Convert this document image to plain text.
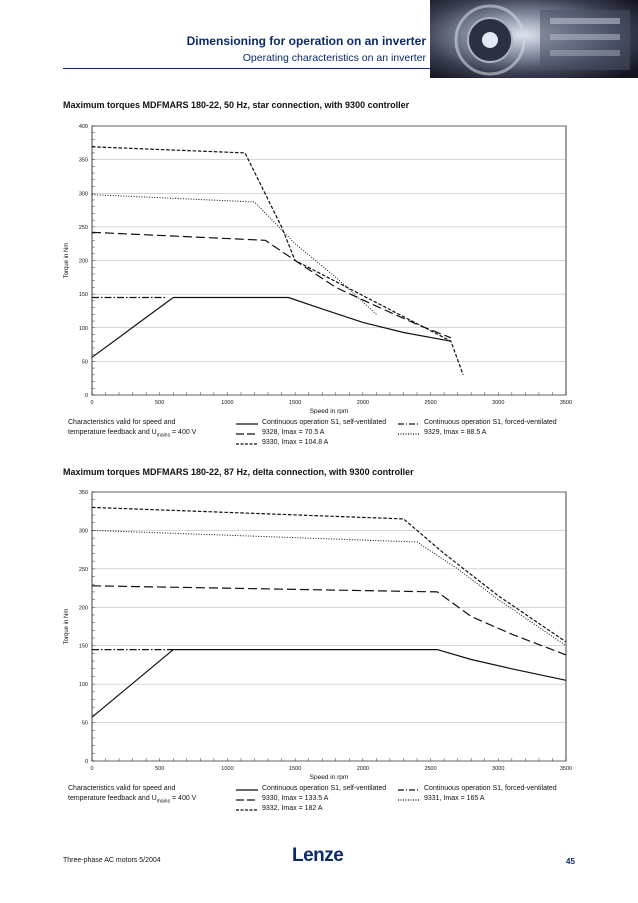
Dimensioning for operation on an inverter
Operating characteristics on an inverter
Maximum torques MDFMARS 180-22, 50 Hz, star connection, with 9300 controller
0
50
100
150
200
250
300
350
400
0	500	1000	1500	2000	2500	3000	3500
Speed in rpm
Torque in Nm
Characteristics valid for speed and
temperature feedback and $U_{mains} = 400$ V
Continuous operation S1, self-ventilated	Continuous operation S1, forced-ventilated
9328, Imax = 70.5 A	9329, Imax = 88.5 A
9330, Imax = 104.8 A
Maximum torques MDFMARS 180-22, 87 Hz, delta connection, with 9300 controller
0
50
100
150
200
250
300
350
0	500	1000	1500	2000	2500	3000	3500
Speed in rpm
Torque in Nm
Characteristics valid for speed and
temperature feedback and $U_{mains} = 400$ V
Continuous operation S1, self-ventilated	Continuous operation S1, forced-ventilated
9330, Imax = 133.5 A	9331, Imax = 165 A
9332, Imax = 182 A
Three-phase AC motors 5/2004	Lenze	45
